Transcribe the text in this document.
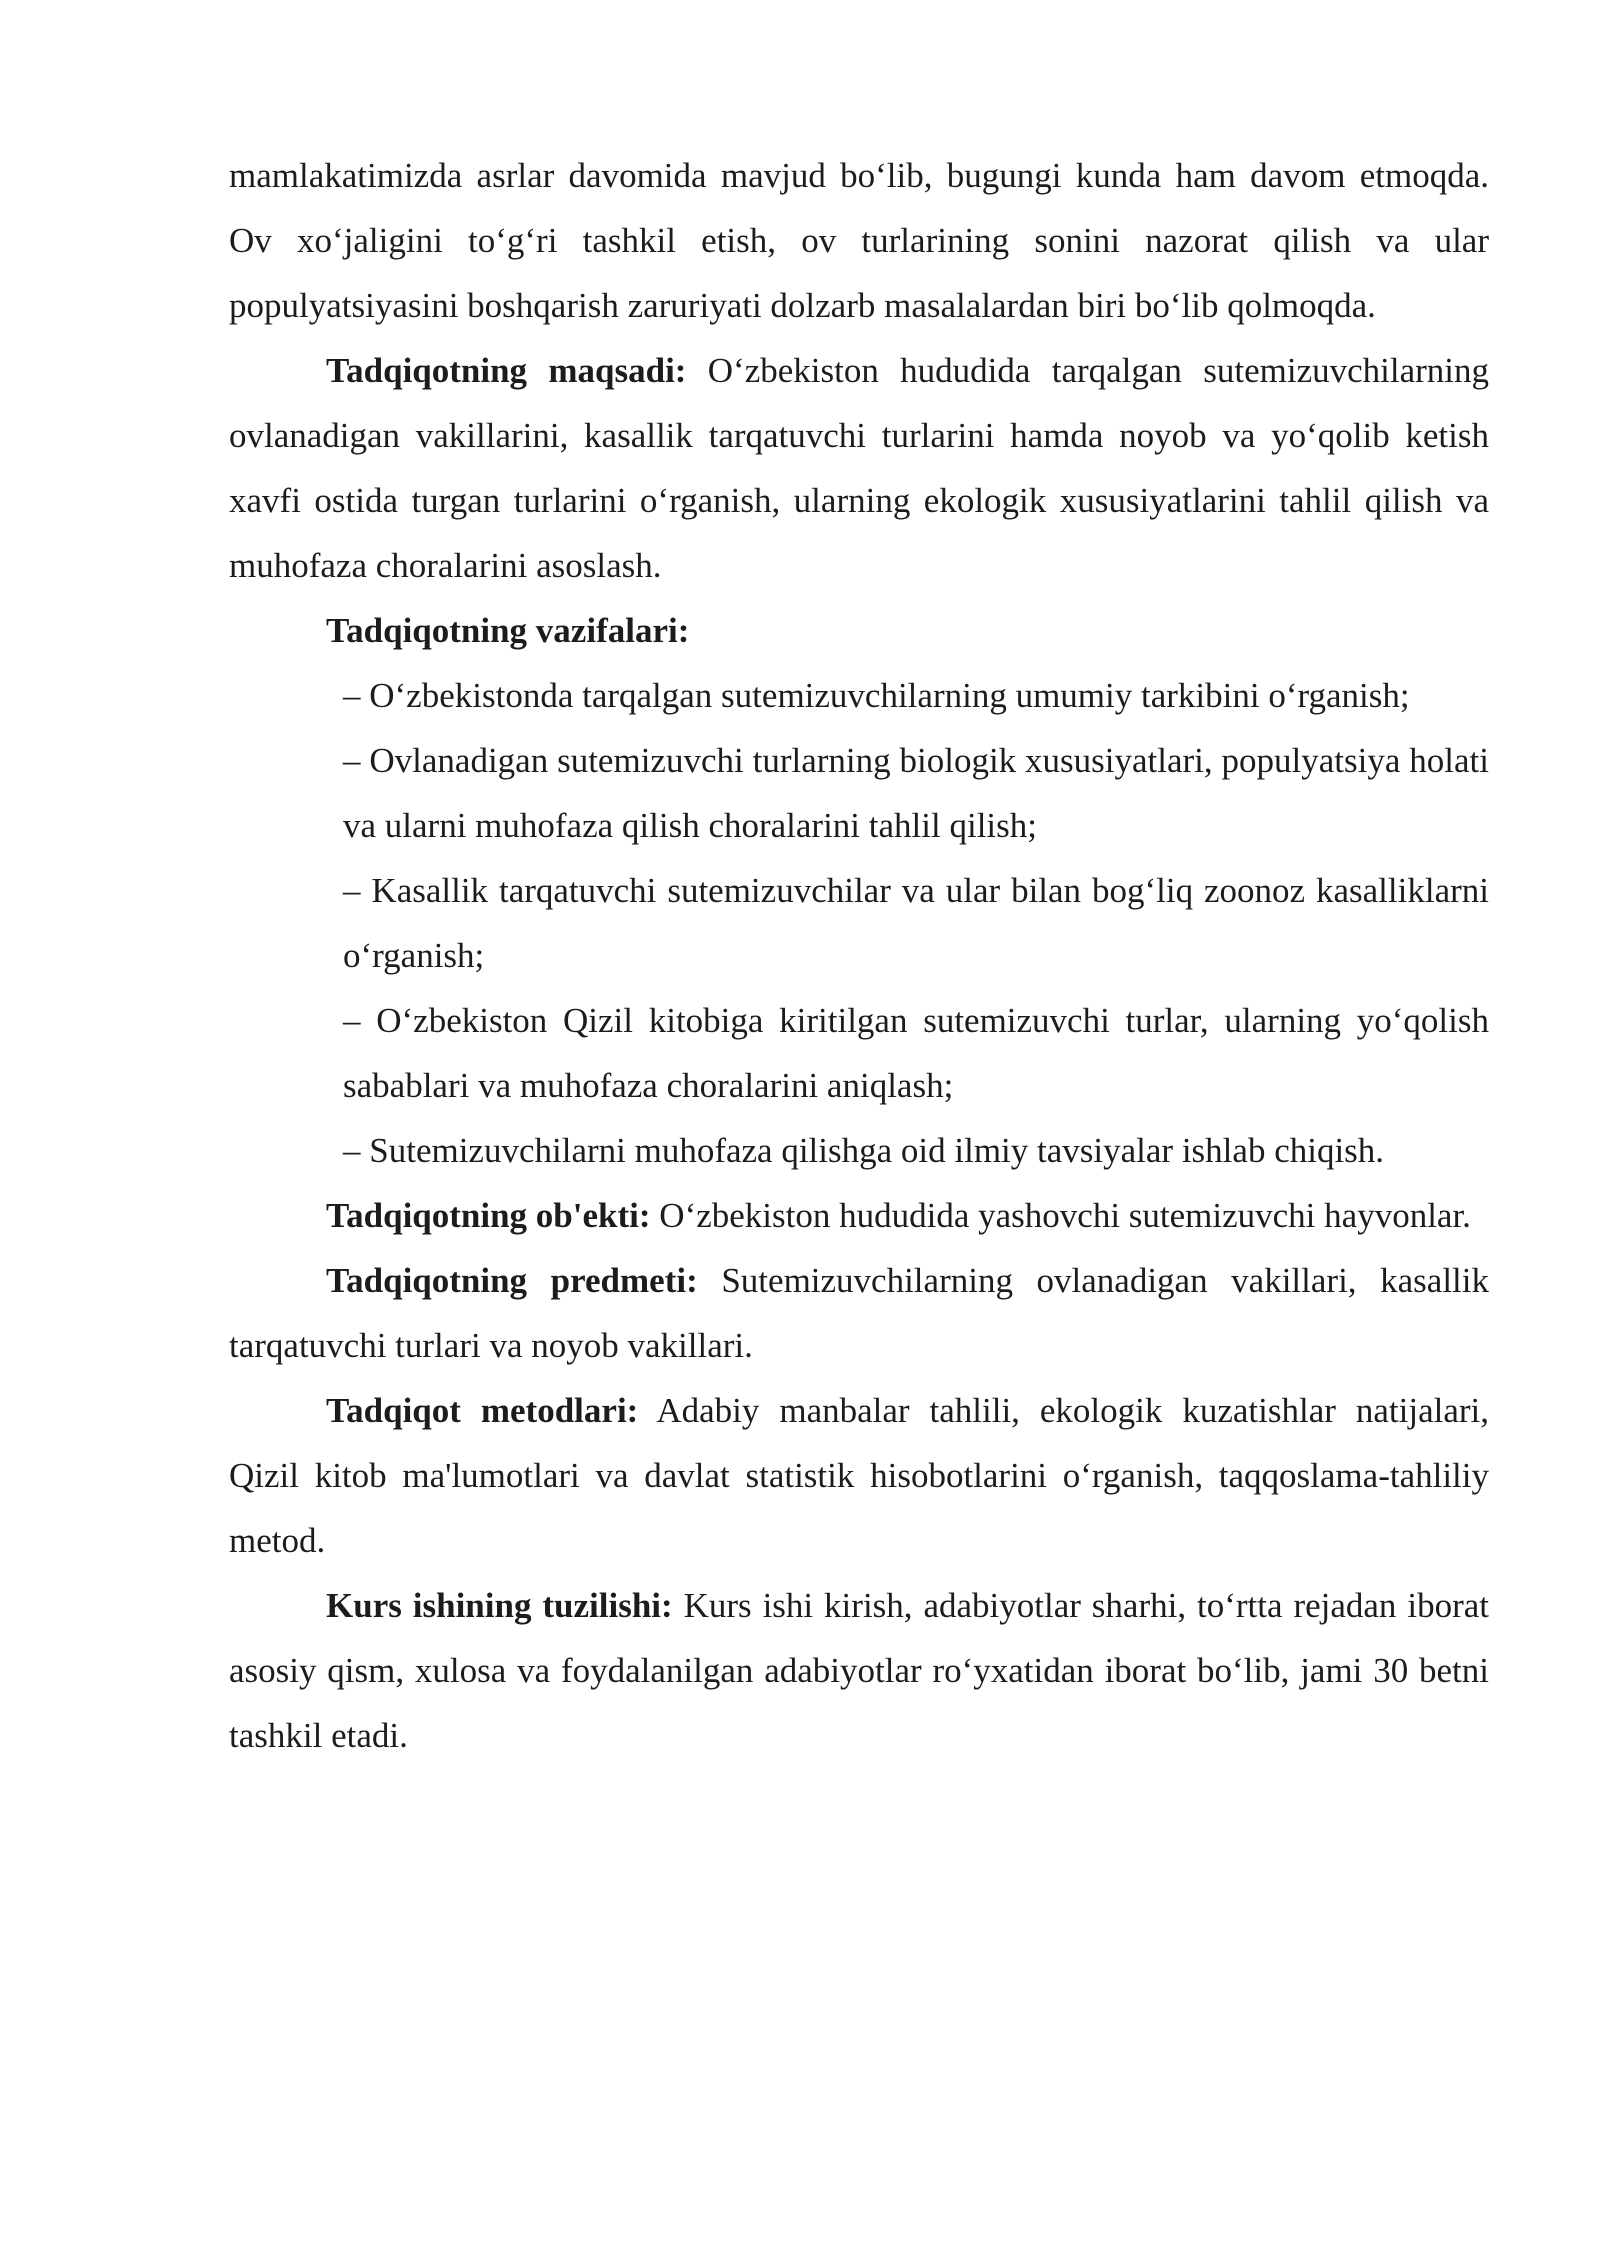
mamlakatimizda asrlar davomida mavjud bo‘lib, bugungi kunda ham davom etmoqda. Ov xo‘jaligini to‘g‘ri tashkil etish, ov turlarining sonini nazorat qilish va ular populyatsiyasini boshqarish zaruriyati dolzarb masalalardan biri bo‘lib qolmoqda.

Tadqiqotning maqsadi: O‘zbekiston hududida tarqalgan sutemizuvchilarning ovlanadigan vakillarini, kasallik tarqatuvchi turlarini hamda noyob va yo‘qolib ketish xavfi ostida turgan turlarini o‘rganish, ularning ekologik xususiyatlarini tahlil qilish va muhofaza choralarini asoslash.

Tadqiqotning vazifalari:

– O‘zbekistonda tarqalgan sutemizuvchilarning umumiy tarkibini o‘rganish;
– Ovlanadigan sutemizuvchi turlarning biologik xususiyatlari, populyatsiya holati va ularni muhofaza qilish choralarini tahlil qilish;
– Kasallik tarqatuvchi sutemizuvchilar va ular bilan bog‘liq zoonoz kasalliklarni o‘rganish;
– O‘zbekiston Qizil kitobiga kiritilgan sutemizuvchi turlar, ularning yo‘qolish sabablari va muhofaza choralarini aniqlash;
– Sutemizuvchilarni muhofaza qilishga oid ilmiy tavsiyalar ishlab chiqish.

Tadqiqotning ob'ekti: O‘zbekiston hududida yashovchi sutemizuvchi hayvonlar.

Tadqiqotning predmeti: Sutemizuvchilarning ovlanadigan vakillari, kasallik tarqatuvchi turlari va noyob vakillari.

Tadqiqot metodlari: Adabiy manbalar tahlili, ekologik kuzatishlar natijalari, Qizil kitob ma'lumotlari va davlat statistik hisobotlarini o‘rganish, taqqoslama-tahliliy metod.

Kurs ishining tuzilishi: Kurs ishi kirish, adabiyotlar sharhi, to‘rtta rejadan iborat asosiy qism, xulosa va foydalanilgan adabiyotlar ro‘yxatidan iborat bo‘lib, jami 30 betni tashkil etadi.
